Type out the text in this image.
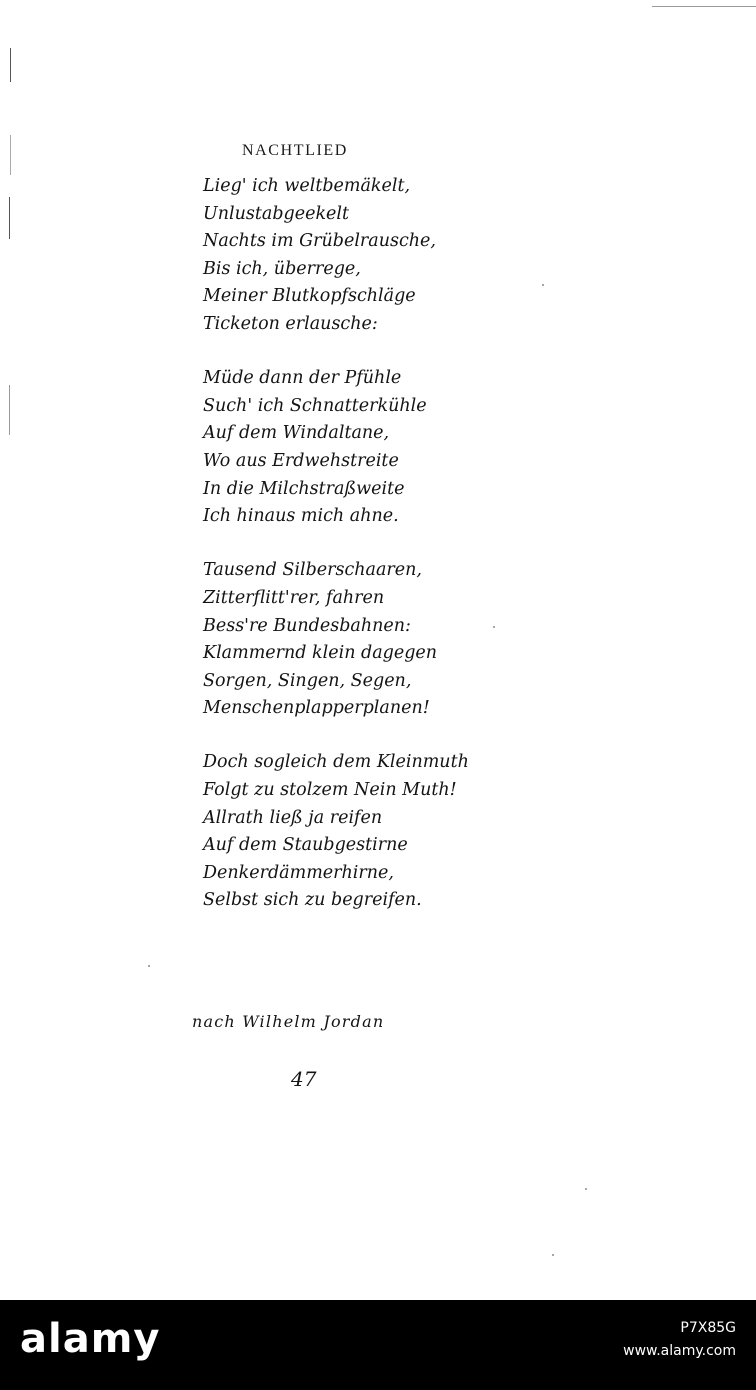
NACHTLIED
Lieg' ich weltbemäkelt,
Unlustabgeekelt
Nachts im Grübelrausche,
Bis ich, überrege,
Meiner Blutkopfschläge
Ticketon erlausche:
Müde dann der Pfühle
Such' ich Schnatterkühle
Auf dem Windaltane,
Wo aus Erdwehstreite
In die Milchstraßweite
Ich hinaus mich ahne.
Tausend Silberschaaren,
Zitterflitt'rer, fahren
Bess're Bundesbahnen:
Klammernd klein dagegen
Sorgen, Singen, Segen,
Menschenplapperplanen!
Doch sogleich dem Kleinmuth
Folgt zu stolzem Nein Muth!
Allrath ließ ja reifen
Auf dem Staubgestirne
Denkerdämmerhirne,
Selbst sich zu begreifen.
nach Wilhelm Jordan
47
alamy	P7X85G
www.alamy.com
